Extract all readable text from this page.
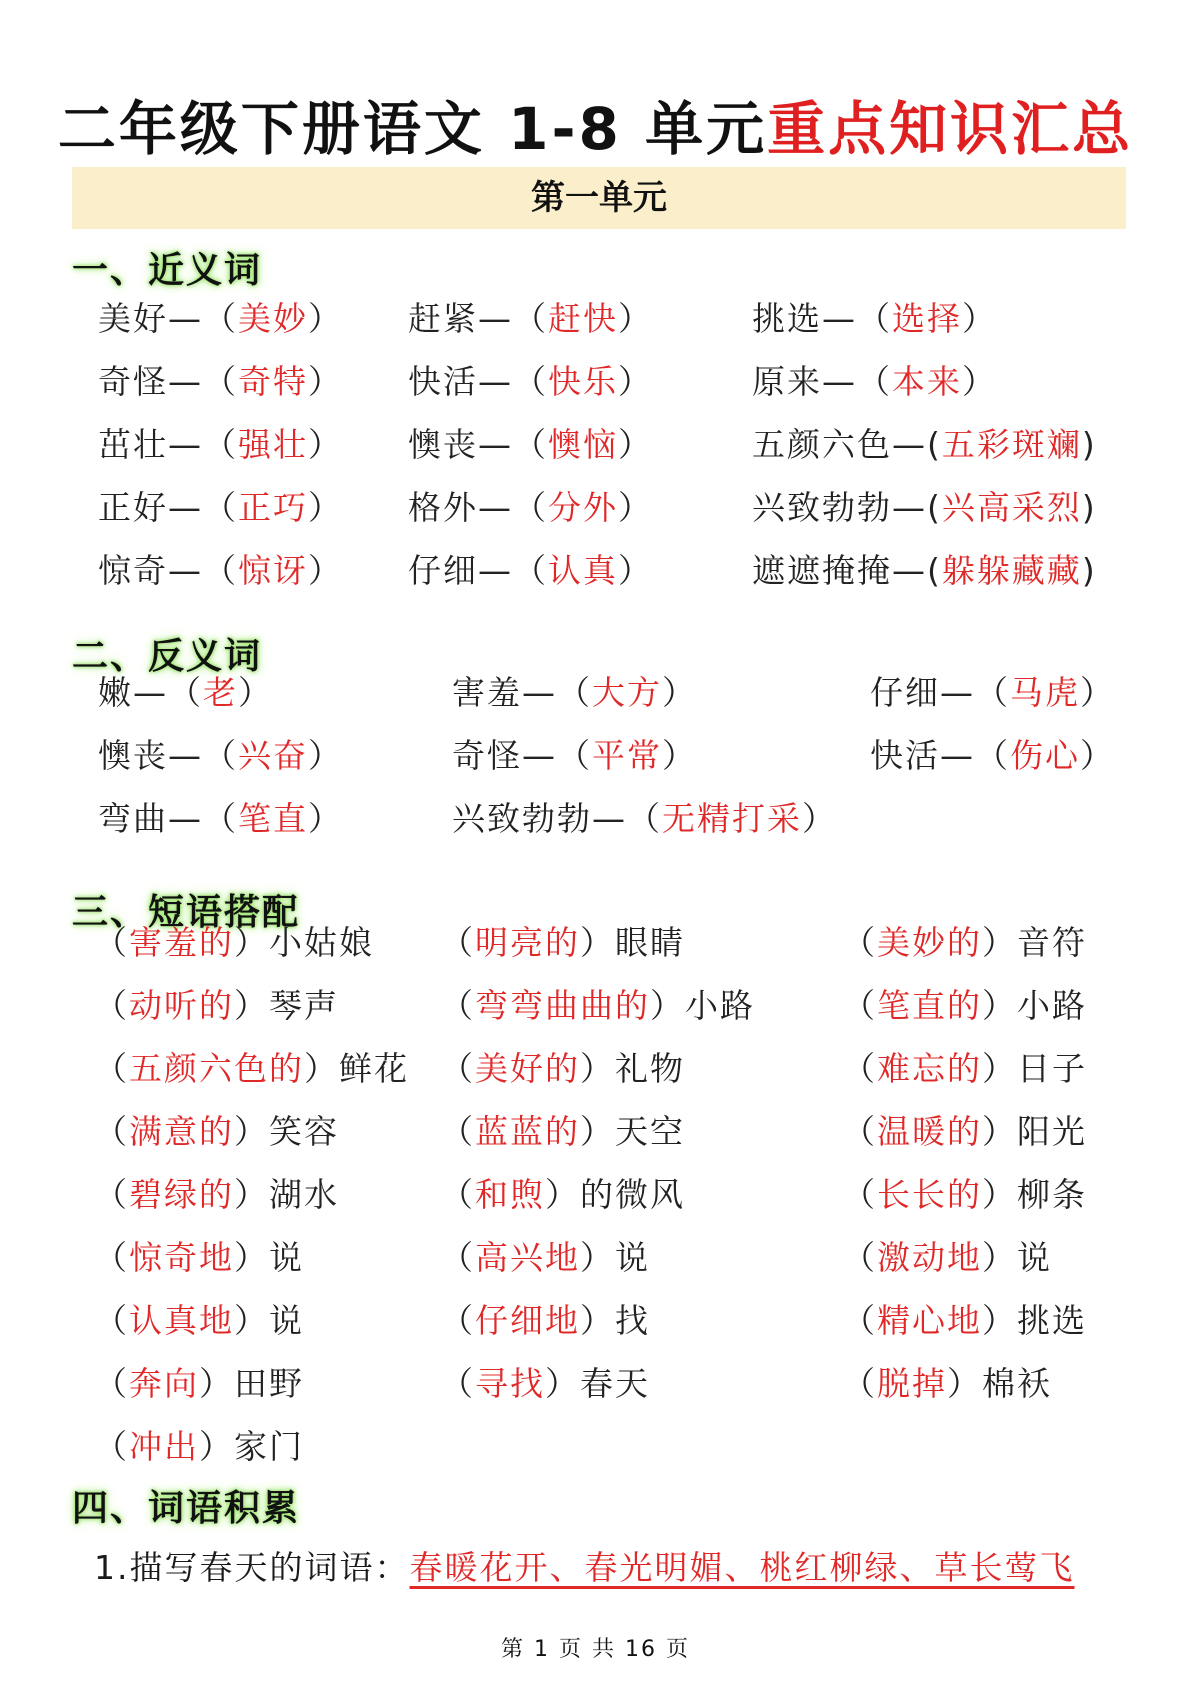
二年级下册语文 1-8 单元重点知识汇总
第一单元
一、近义词
美好—（美妙） 赶紧—（赶快）	挑选—（选择）
奇怪—（奇特） 快活—（快乐）	原来—（本来）
茁壮—（强壮） 懊丧—（懊恼）	五颜六色—(五彩斑斓)
正好—（正巧） 格外—（分外）	兴致勃勃—(兴高采烈)
惊奇—（惊讶） 仔细—（认真）	遮遮掩掩—(躲躲藏藏)
二、反义词
嫩—（老）	害羞—（大方）	仔细—（马虎）
懊丧—（兴奋）	奇怪—（平常）	快活—（伤心）
弯曲—（笔直）	兴致勃勃—（无精打采）
三、短语搭配
（害羞的）小姑娘 （明亮的）眼睛	（美妙的）音符
（动听的）琴声	（弯弯曲曲的）小路	（笔直的）小路
（五颜六色的）鲜花 （美好的）礼物	（难忘的）日子
（满意的）笑容	（蓝蓝的）天空	（温暖的）阳光
（碧绿的）湖水	（和煦）的微风	（长长的）柳条
（惊奇地）说	（高兴地）说	（激动地）说
（认真地）说	（仔细地）找	（精心地）挑选
（奔向）田野	（寻找）春天	（脱掉）棉袄
（冲出）家门
四、词语积累
1.描写春天的词语：春暖花开、春光明媚、桃红柳绿、草长莺飞
第 1 页 共 16 页
